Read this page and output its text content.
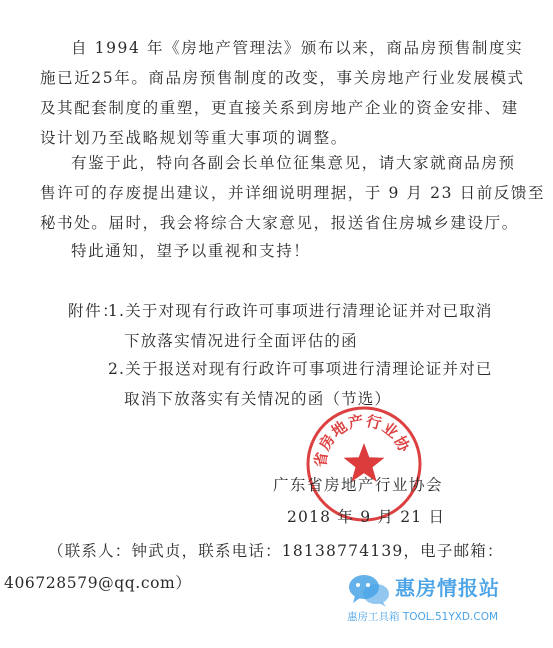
自 1994 年《房地产管理法》颁布以来，商品房预售制度实
施已近25年。商品房预售制度的改变，事关房地产行业发展模式
及其配套制度的重塑，更直接关系到房地产企业的资金安排、建
设计划乃至战略规划等重大事项的调整。

有鉴于此，特向各副会长单位征集意见，请大家就商品房预
售许可的存废提出建议，并详细说明理据，于 9 月 23 日前反馈至
秘书处。届时，我会将综合大家意见，报送省住房城乡建设厅。

特此通知，望予以重视和支持！

附件：
1.关于对现有行政许可事项进行清理论证并对已取消
下放落实情况进行全面评估的函
2.关于报送对现有行政许可事项进行清理论证并对已
取消下放落实有关情况的函（节选）
省房地产行业协
广东省房地产行业协会
2018 年 9 月 21 日
（联系人：钟武贞，联系电话：18138774139，电子邮箱：
406728579@qq.com）	惠房情报站
惠房工具箱 TOOL.51YXD.COM
